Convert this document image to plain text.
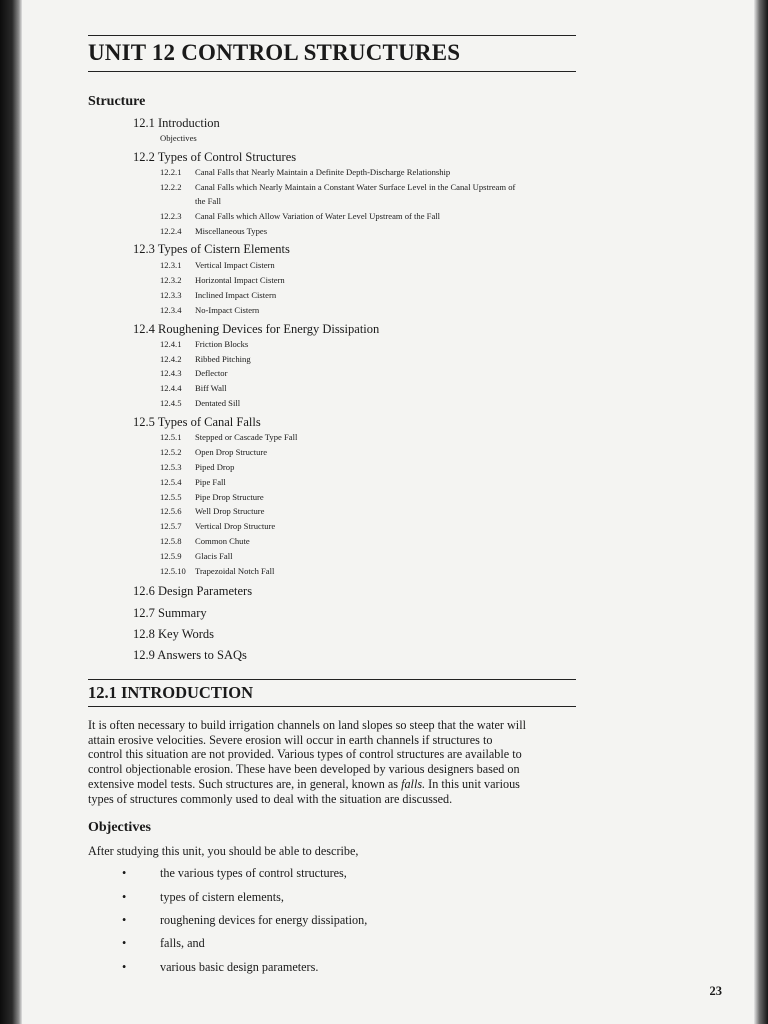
UNIT 12 CONTROL STRUCTURES
Structure
12.1 Introduction
Objectives
12.2 Types of Control Structures
12.2.1 Canal Falls that Nearly Maintain a Definite Depth-Discharge Relationship
12.2.2 Canal Falls which Nearly Maintain a Constant Water Surface Level in the Canal Upstream of
the Fall
12.2.3 Canal Falls which Allow Variation of Water Level Upstream of the Fall
12.2.4 Miscellaneous Types
12.3 Types of Cistern Elements
12.3.1 Vertical Impact Cistern
12.3.2 Horizontal Impact Cistern
12.3.3 Inclined Impact Cistern
12.3.4 No-Impact Cistern
12.4 Roughening Devices for Energy Dissipation
12.4.1 Friction Blocks
12.4.2 Ribbed Pitching
12.4.3 Deflector
12.4.4 Biff Wall
12.4.5 Dentated Sill
12.5 Types of Canal Falls
12.5.1 Stepped or Cascade Type Fall
12.5.2 Open Drop Structure
12.5.3 Piped Drop
12.5.4 Pipe Fall
12.5.5 Pipe Drop Structure
12.5.6 Well Drop Structure
12.5.7 Vertical Drop Structure
12.5.8 Common Chute
12.5.9 Glacis Fall
12.5.10 Trapezoidal Notch Fall
12.6 Design Parameters
12.7 Summary
12.8 Key Words
12.9 Answers to SAQs
12.1 INTRODUCTION
It is often necessary to build irrigation channels on land slopes so steep that the water will
attain erosive velocities. Severe erosion will occur in earth channels if structures to
control this situation are not provided. Various types of control structures are available to
control objectionable erosion. These have been developed by various designers based on
extensive model tests. Such structures are, in general, known as falls. In this unit various
types of structures commonly used to deal with the situation are discussed.
Objectives
After studying this unit, you should be able to describe,
•	the various types of control structures,
•	types of cistern elements,
•	roughening devices for energy dissipation,
•	falls, and
•	various basic design parameters.
23
